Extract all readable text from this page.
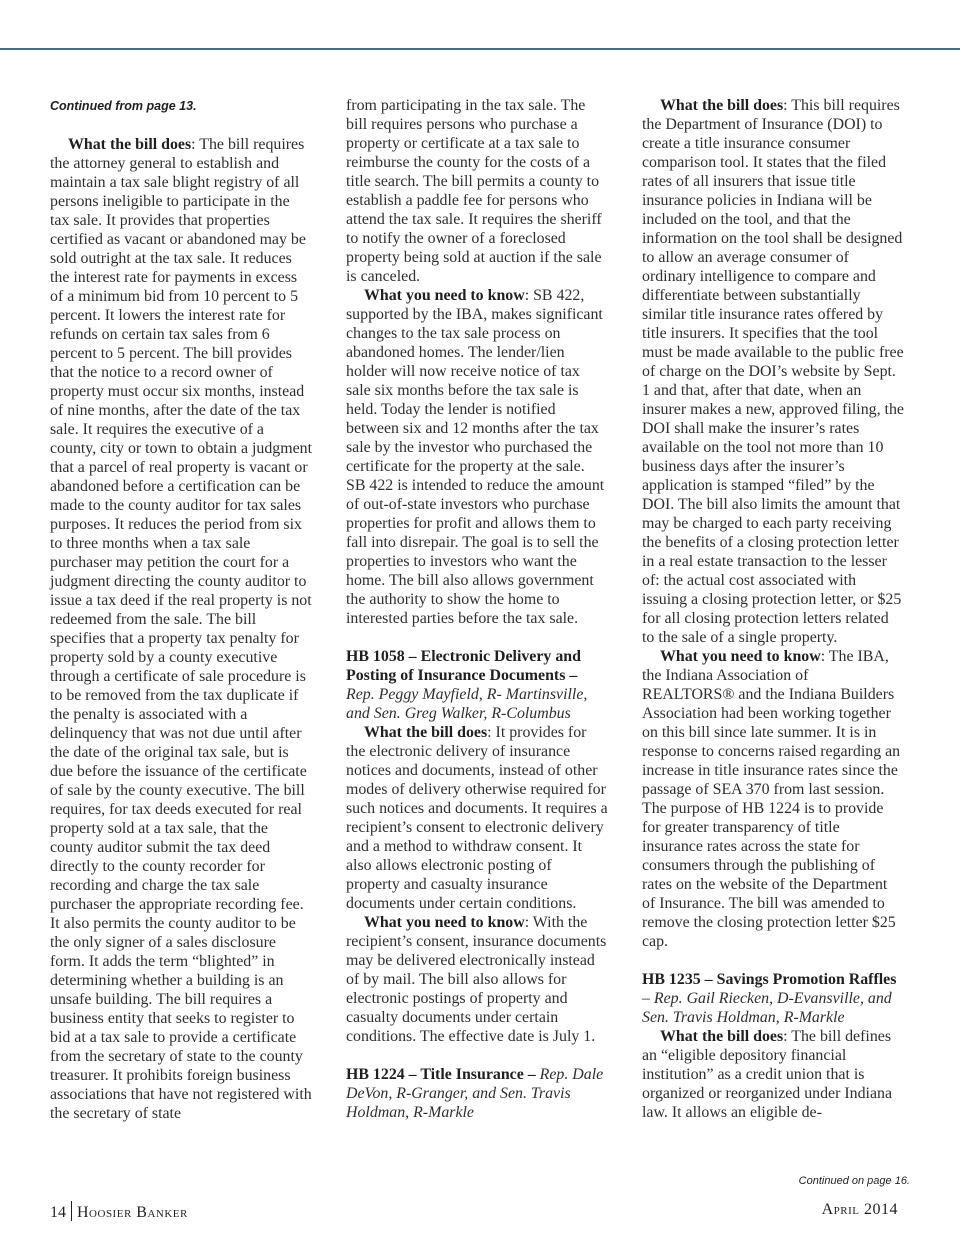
Continued from page 13.

What the bill does: The bill requires the attorney general to establish and maintain a tax sale blight registry of all persons ineligible to participate in the tax sale. It provides that properties certified as vacant or abandoned may be sold outright at the tax sale. It reduces the interest rate for payments in excess of a minimum bid from 10 percent to 5 percent. It lowers the interest rate for refunds on certain tax sales from 6 percent to 5 percent. The bill provides that the notice to a record owner of property must occur six months, instead of nine months, after the date of the tax sale. It requires the executive of a county, city or town to obtain a judgment that a parcel of real property is vacant or abandoned before a certification can be made to the county auditor for tax sales purposes. It reduces the period from six to three months when a tax sale purchaser may petition the court for a judgment directing the county auditor to issue a tax deed if the real property is not redeemed from the sale. The bill specifies that a property tax penalty for property sold by a county executive through a certificate of sale procedure is to be removed from the tax duplicate if the penalty is associated with a delinquency that was not due until after the date of the original tax sale, but is due before the issuance of the certificate of sale by the county executive. The bill requires, for tax deeds executed for real property sold at a tax sale, that the county auditor submit the tax deed directly to the county recorder for recording and charge the tax sale purchaser the appropriate recording fee. It also permits the county auditor to be the only signer of a sales disclosure form. It adds the term “blighted” in determining whether a building is an unsafe building. The bill requires a business entity that seeks to register to bid at a tax sale to provide a certificate from the secretary of state to the county treasurer. It prohibits foreign business associations that have not registered with the secretary of state

from participating in the tax sale. The bill requires persons who purchase a property or certificate at a tax sale to reimburse the county for the costs of a title search. The bill permits a county to establish a paddle fee for persons who attend the tax sale. It requires the sheriff to notify the owner of a foreclosed property being sold at auction if the sale is canceled.

What you need to know: SB 422, supported by the IBA, makes significant changes to the tax sale process on abandoned homes. The lender/lien holder will now receive notice of tax sale six months before the tax sale is held. Today the lender is notified between six and 12 months after the tax sale by the investor who purchased the certificate for the property at the sale. SB 422 is intended to reduce the amount of out-of-state investors who purchase properties for profit and allows them to fall into disrepair. The goal is to sell the properties to investors who want the home. The bill also allows government the authority to show the home to interested parties before the tax sale.

HB 1058 – Electronic Delivery and Posting of Insurance Documents – Rep. Peggy Mayfield, R- Martinsville, and Sen. Greg Walker, R-Columbus

What the bill does: It provides for the electronic delivery of insurance notices and documents, instead of other modes of delivery otherwise required for such notices and documents. It requires a recipient’s consent to electronic delivery and a method to withdraw consent. It also allows electronic posting of property and casualty insurance documents under certain conditions.

What you need to know: With the recipient’s consent, insurance documents may be delivered electronically instead of by mail. The bill also allows for electronic postings of property and casualty documents under certain conditions. The effective date is July 1.

HB 1224 – Title Insurance – Rep. Dale DeVon, R-Granger, and Sen. Travis Holdman, R-Markle

What the bill does: This bill requires the Department of Insurance (DOI) to create a title insurance consumer comparison tool. It states that the filed rates of all insurers that issue title insurance policies in Indiana will be included on the tool, and that the information on the tool shall be designed to allow an average consumer of ordinary intelligence to compare and differentiate between substantially similar title insurance rates offered by title insurers. It specifies that the tool must be made available to the public free of charge on the DOI’s website by Sept. 1 and that, after that date, when an insurer makes a new, approved filing, the DOI shall make the insurer’s rates available on the tool not more than 10 business days after the insurer’s application is stamped “filed” by the DOI. The bill also limits the amount that may be charged to each party receiving the benefits of a closing protection letter in a real estate transaction to the lesser of: the actual cost associated with issuing a closing protection letter, or $25 for all closing protection letters related to the sale of a single property.

What you need to know: The IBA, the Indiana Association of REALTORS® and the Indiana Builders Association had been working together on this bill since late summer. It is in response to concerns raised regarding an increase in title insurance rates since the passage of SEA 370 from last session. The purpose of HB 1224 is to provide for greater transparency of title insurance rates across the state for consumers through the publishing of rates on the website of the Department of Insurance. The bill was amended to remove the closing protection letter $25 cap.

HB 1235 – Savings Promotion Raffles – Rep. Gail Riecken, D-Evansville, and Sen. Travis Holdman, R-Markle

What the bill does: The bill defines an “eligible depository financial institution” as a credit union that is organized or reorganized under Indiana law. It allows an eligible de-

Continued on page 16.
14 Hoosier Banker	April 2014
